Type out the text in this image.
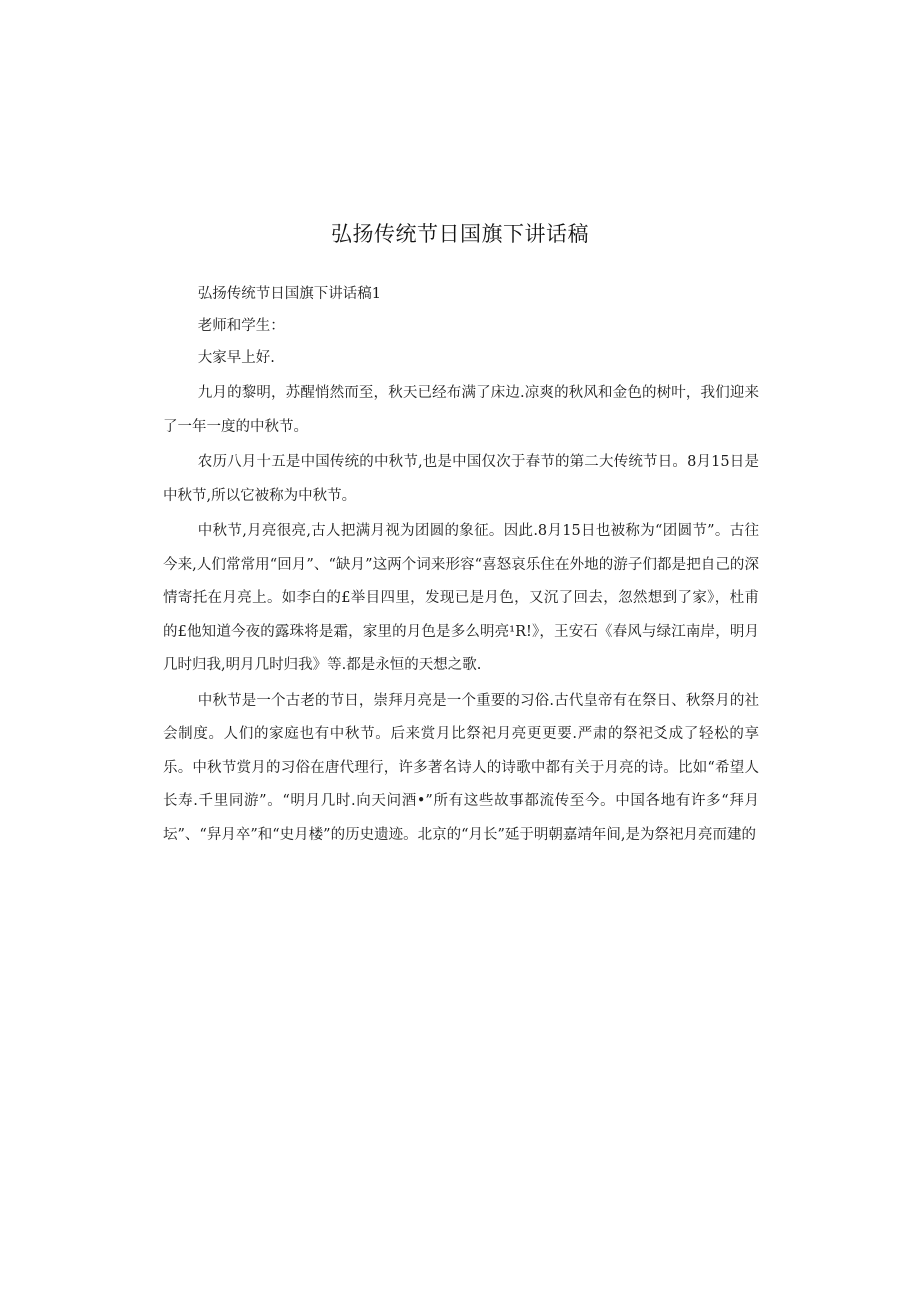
弘扬传统节日国旗下讲话稿

弘扬传统节日国旗下讲话稿1

老师和学生：

大家早上好.

九月的黎明，苏醒悄然而至，秋天已经布满了床边.凉爽的秋风和金色的树叶，我们迎来了一年一度的中秋节。

农历八月十五是中国传统的中秋节,也是中国仅次于春节的第二大传统节日。8月15日是中秋节,所以它被称为中秋节。

中秋节,月亮很亮,古人把满月视为团圆的象征。因此.8月15日也被称为“团圆节”。古往今来,人们常常用“回月”、“缺月”这两个词来形容“喜怒哀乐住在外地的游子们都是把自己的深情寄托在月亮上。如李白的£举目四里，发现已是月色，又沉了回去，忽然想到了家》，杜甫的£他知道今夜的露珠将是霜，家里的月色是多么明亮¹R!》，王安石《春风与绿江南岸，明月几时归我,明月几时归我》等.都是永恒的天想之歌.

中秋节是一个古老的节日，崇拜月亮是一个重要的习俗.古代皇帝有在祭日、秋祭月的社会制度。人们的家庭也有中秋节。后来赏月比祭祀月亮更更要.严肃的祭祀爻成了轻松的享乐。中秋节赏月的习俗在唐代理行，许多著名诗人的诗歌中都有关于月亮的诗。比如“希望人长寿.千里同游”。“明月几时.向天问酒•”所有这些故事都流传至今。中国各地有许多“拜月坛”、“舁月卒”和“史月楼”的历史遗迹。北京的“月长”延于明朝嘉靖年间,是为祭祀月亮而建的
